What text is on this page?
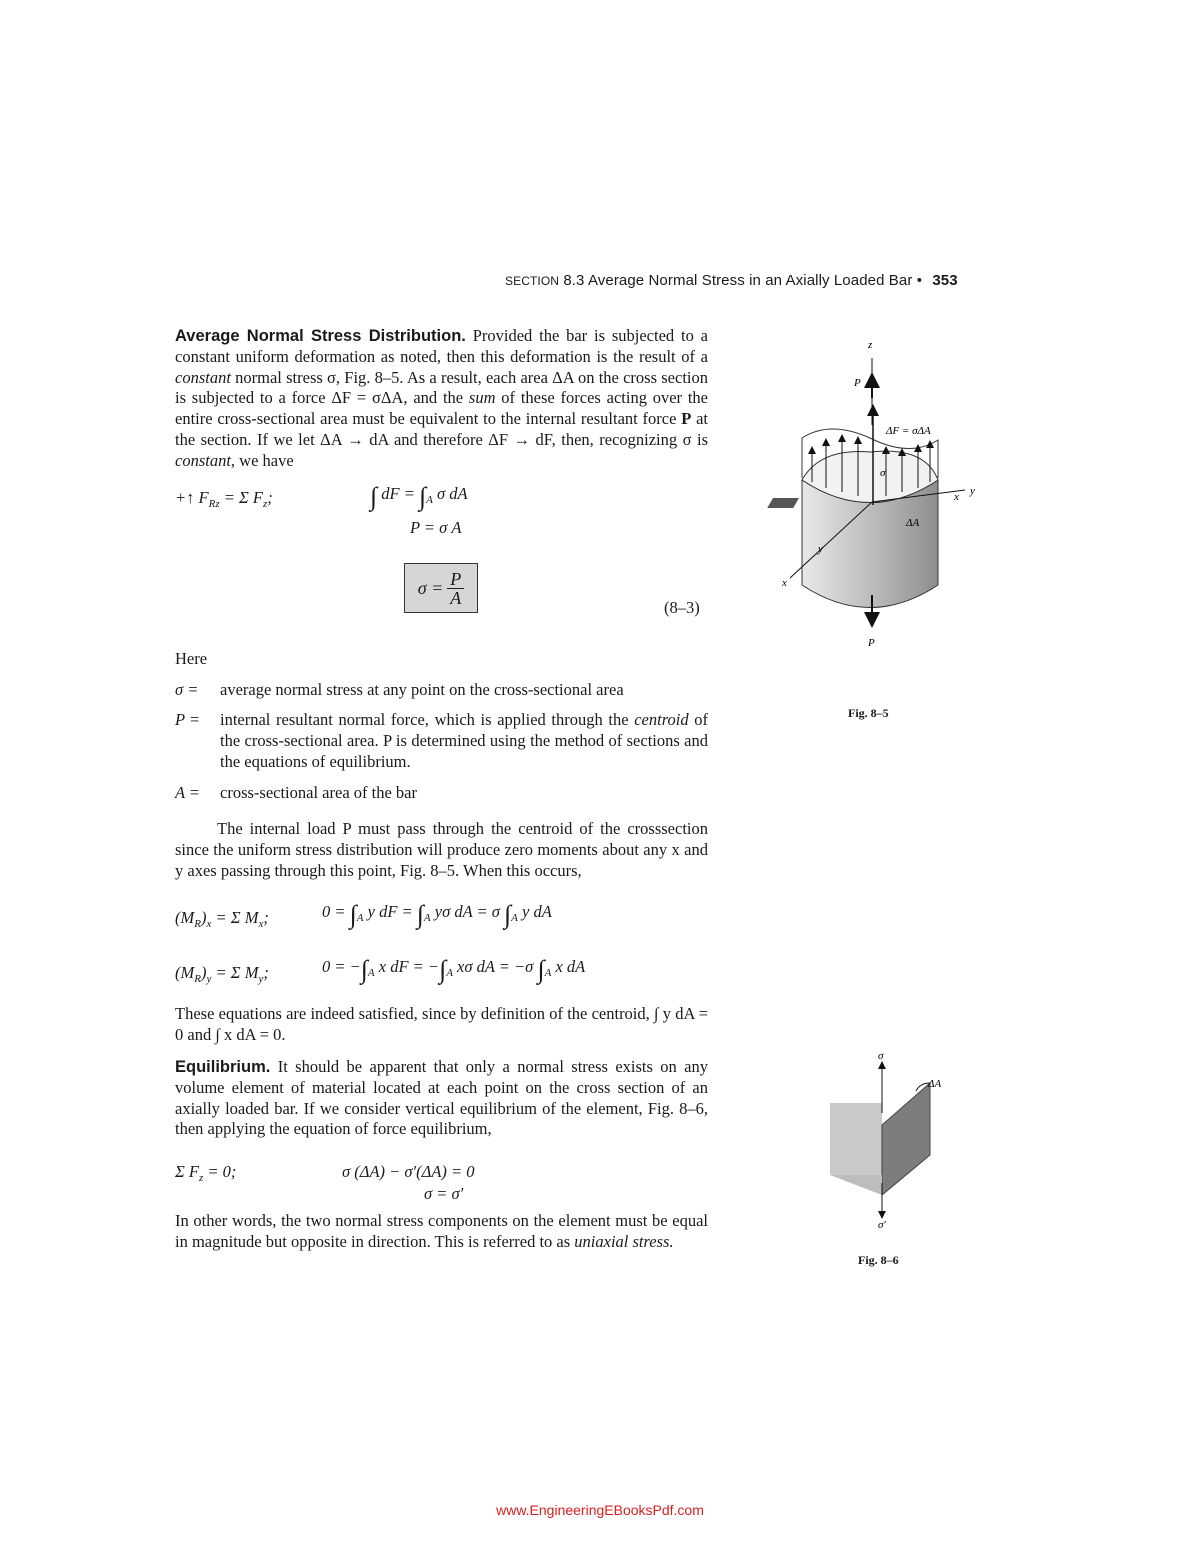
SECTION 8.3 Average Normal Stress in an Axially Loaded Bar • 353
Average Normal Stress Distribution. Provided the bar is subjected to a constant uniform deformation as noted, then this deformation is the result of a constant normal stress σ, Fig. 8–5. As a result, each area ΔA on the cross section is subjected to a force ΔF = σΔA, and the sum of these forces acting over the entire cross-sectional area must be equivalent to the internal resultant force P at the section. If we let ΔA → dA and therefore ΔF → dF, then, recognizing σ is constant, we have
+↑ $F_{Rz} = \Sigma$ $F_z$;	∫ dF = $\int_A$ σ dA
P = σ A
$\sigma = \frac{P}{A}$
(8–3)
Here
σ =	average normal stress at any point on the cross-sectional area
P =	internal resultant normal force, which is applied through the centroid of the cross-sectional area. P is determined using the method of sections and the equations of equilibrium.
A =	cross-sectional area of the bar
The internal load P must pass through the centroid of the crosssection since the uniform stress distribution will produce zero moments about any x and y axes passing through this point, Fig. 8–5. When this occurs,
$(M_R)_x = \Sigma$ $M_x$;	$0 = \int_A$ y dF = $\int_A$ yσ dA = σ $\int_A$ y dA
$(M_R)_y = \Sigma$ $M_y$;	$0 = -\int_A$ x dF = $-\int_A$ xσ dA = −σ $\int_A$ x dA
These equations are indeed satisfied, since by definition of the centroid, ∫ y dA = 0 and ∫ x dA = 0.
Equilibrium. It should be apparent that only a normal stress exists on any volume element of material located at each point on the cross section of an axially loaded bar. If we consider vertical equilibrium of the element, Fig. 8–6, then applying the equation of force equilibrium,
Σ $F_z = 0$;	σ (ΔA) − σ′(ΔA) = 0
σ = σ′
In other words, the two normal stress components on the element must be equal in magnitude but opposite in direction. This is referred to as uniaxial stress.
z
P
ΔF = σΔA
σ
y
x
ΔA
y
x
P
Fig. 8–5
σ
ΔA
σ′
Fig. 8–6
www.EngineeringEBooksPdf.com
